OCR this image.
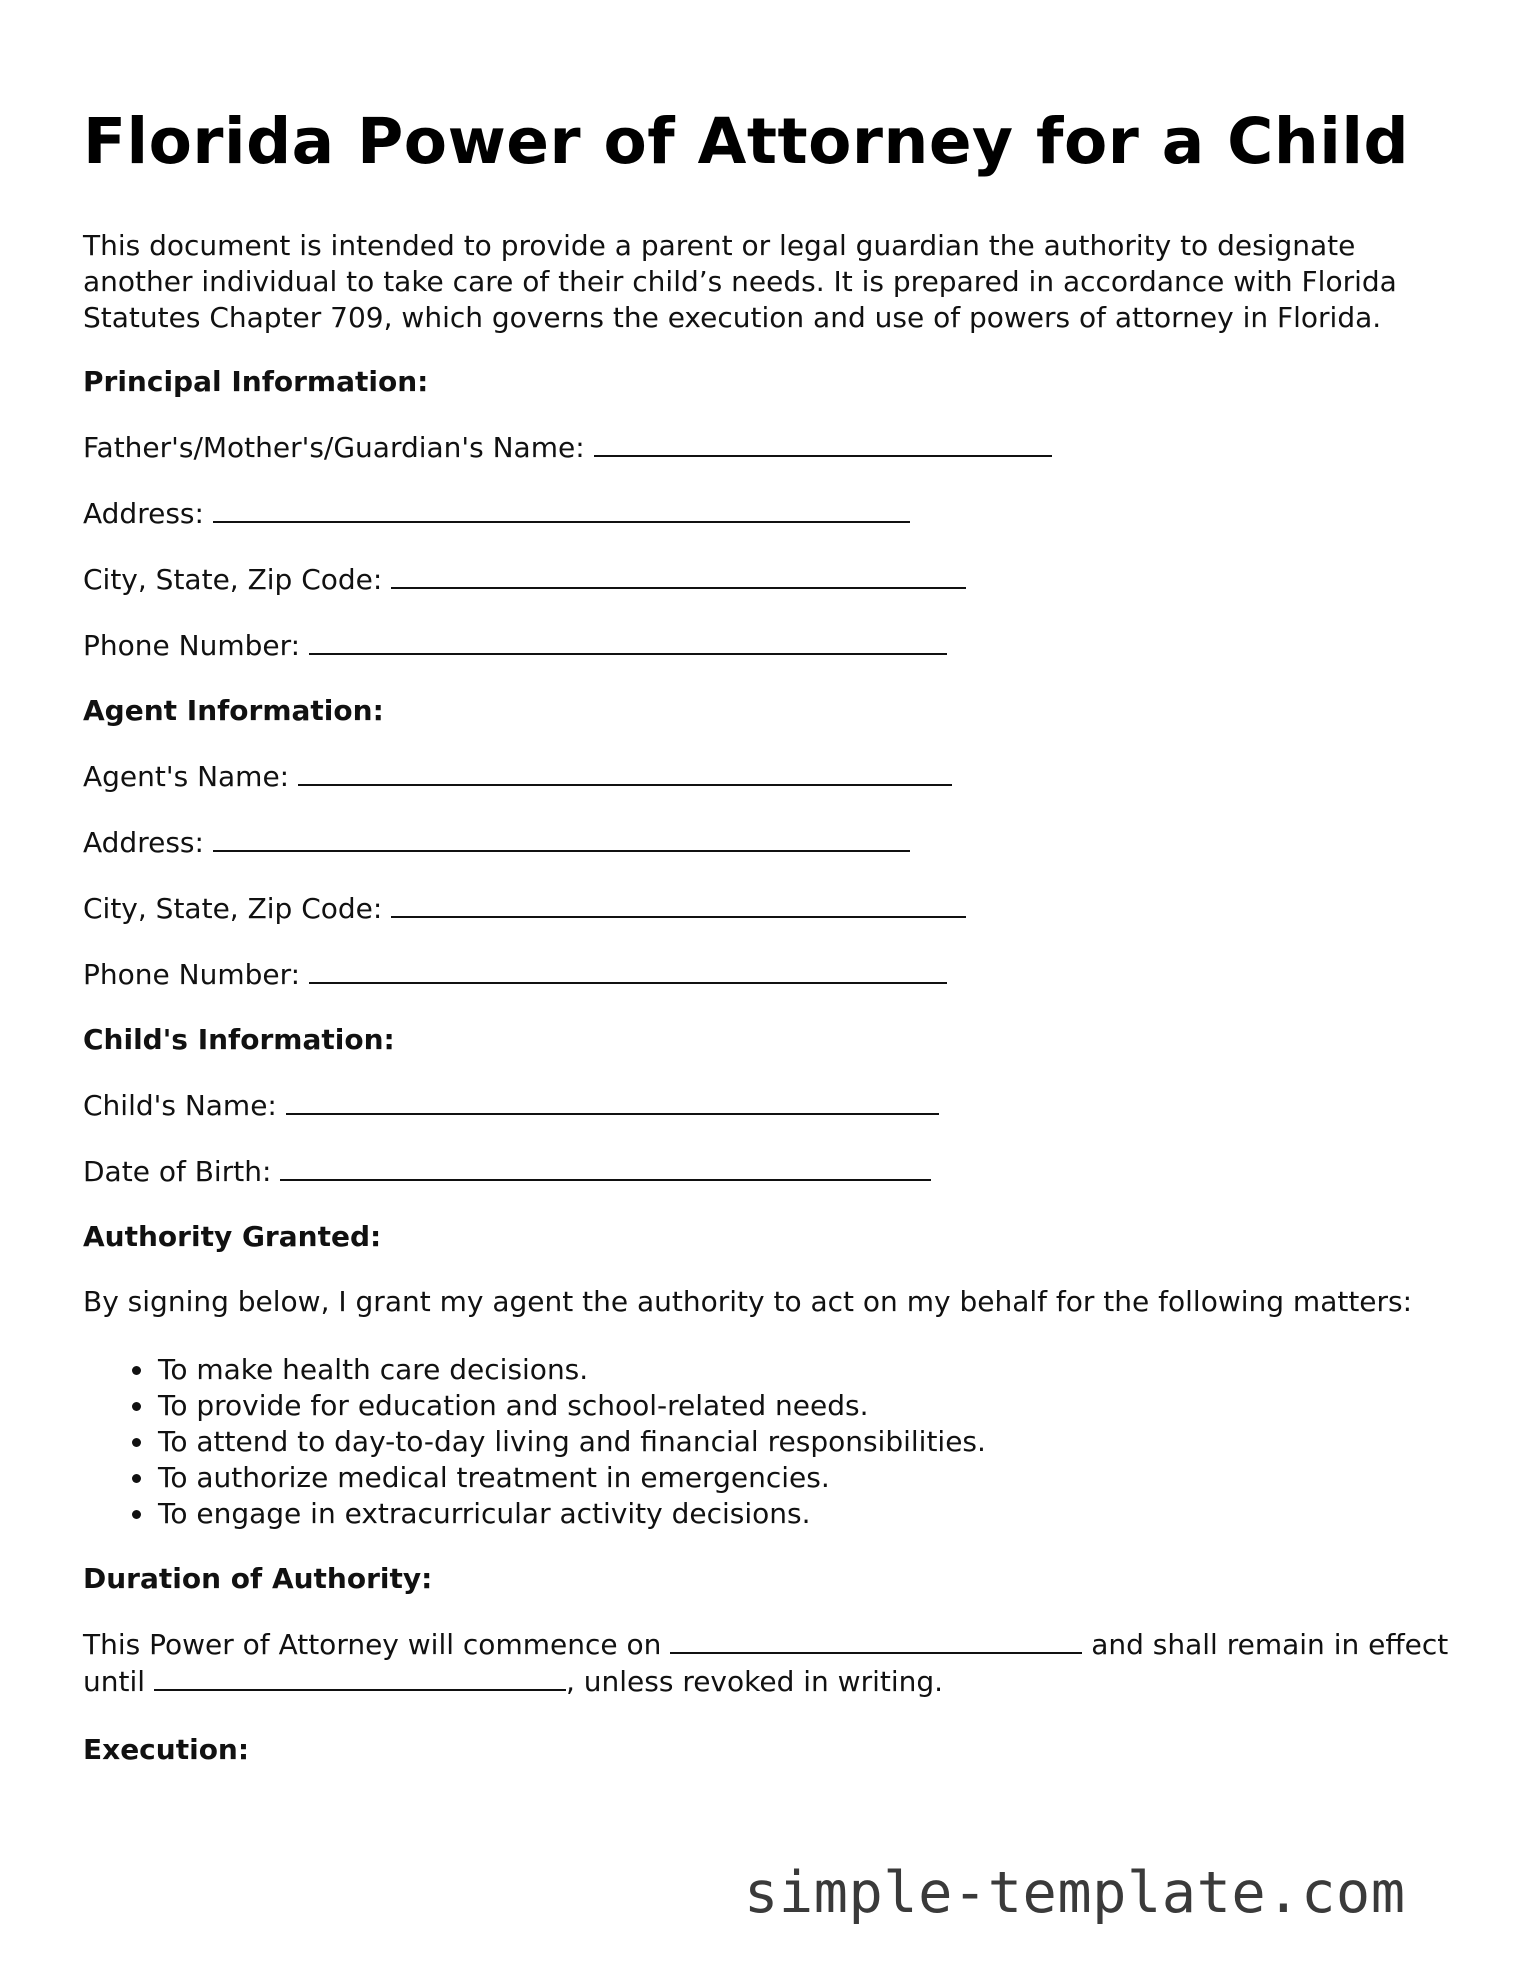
Florida Power of Attorney for a Child

This document is intended to provide a parent or legal guardian the authority to designate another individual to take care of their child’s needs. It is prepared in accordance with Florida Statutes Chapter 709, which governs the execution and use of powers of attorney in Florida.

Principal Information:
Father's/Mother's/Guardian's Name:
Address:
City, State, Zip Code:
Phone Number:
Agent Information:
Agent's Name:
Address:
City, State, Zip Code:
Phone Number:
Child's Information:
Child's Name:
Date of Birth:
Authority Granted:

By signing below, I grant my agent the authority to act on my behalf for the following matters:

• To make health care decisions.
• To provide for education and school-related needs.
• To attend to day-to-day living and financial responsibilities.
• To authorize medical treatment in emergencies.
• To engage in extracurricular activity decisions.
Duration of Authority:

This Power of Attorney will commence on	and shall remain in effect until	, unless revoked in writing.

Execution:
simple-template.com
